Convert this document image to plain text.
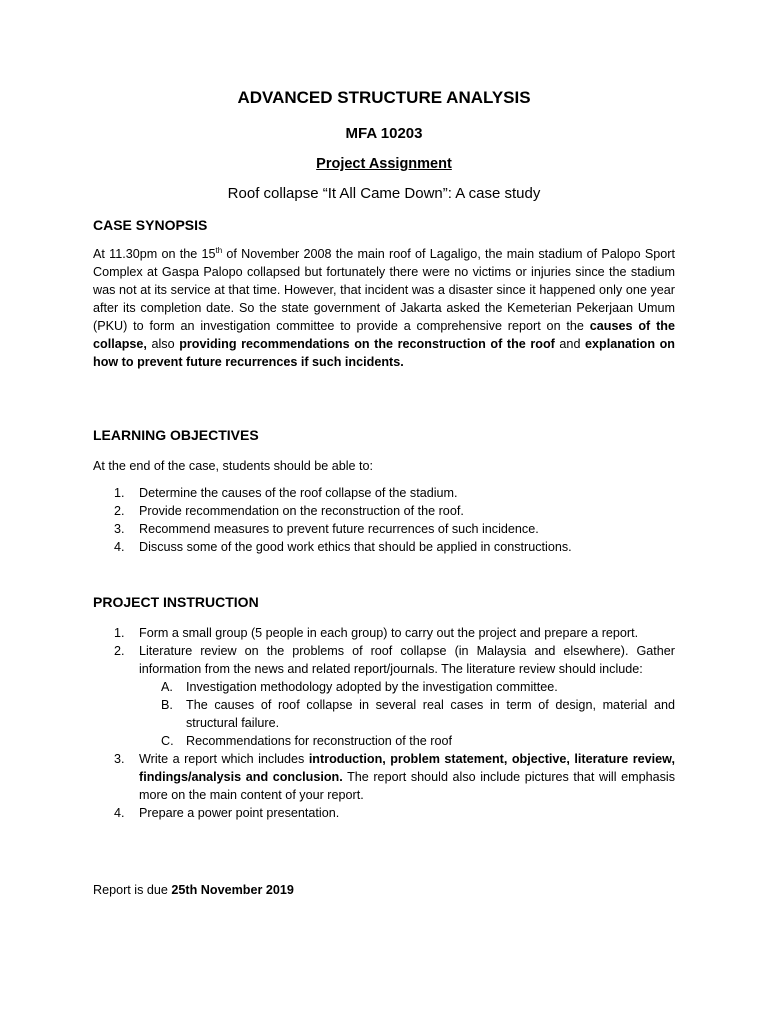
ADVANCED STRUCTURE ANALYSIS
MFA 10203
Project Assignment
Roof collapse “It All Came Down”: A case study
CASE SYNOPSIS
At 11.30pm on the 15th of November 2008 the main roof of Lagaligo, the main stadium of Palopo Sport Complex at Gaspa Palopo collapsed but fortunately there were no victims or injuries since the stadium was not at its service at that time. However, that incident was a disaster since it happened only one year after its completion date. So the state government of Jakarta asked the Kemeterian Pekerjaan Umum (PKU) to form an investigation committee to provide a comprehensive report on the causes of the collapse, also providing recommendations on the reconstruction of the roof and explanation on how to prevent future recurrences if such incidents.
LEARNING OBJECTIVES
At the end of the case, students should be able to:
1. Determine the causes of the roof collapse of the stadium.
2. Provide recommendation on the reconstruction of the roof.
3. Recommend measures to prevent future recurrences of such incidence.
4. Discuss some of the good work ethics that should be applied in constructions.
PROJECT INSTRUCTION
1. Form a small group (5 people in each group) to carry out the project and prepare a report.
2. Literature review on the problems of roof collapse (in Malaysia and elsewhere). Gather information from the news and related report/journals. The literature review should include:
A. Investigation methodology adopted by the investigation committee.
B. The causes of roof collapse in several real cases in term of design, material and structural failure.
C. Recommendations for reconstruction of the roof
3. Write a report which includes introduction, problem statement, objective, literature review, findings/analysis and conclusion. The report should also include pictures that will emphasis more on the main content of your report.
4. Prepare a power point presentation.
Report is due 25th November 2019
